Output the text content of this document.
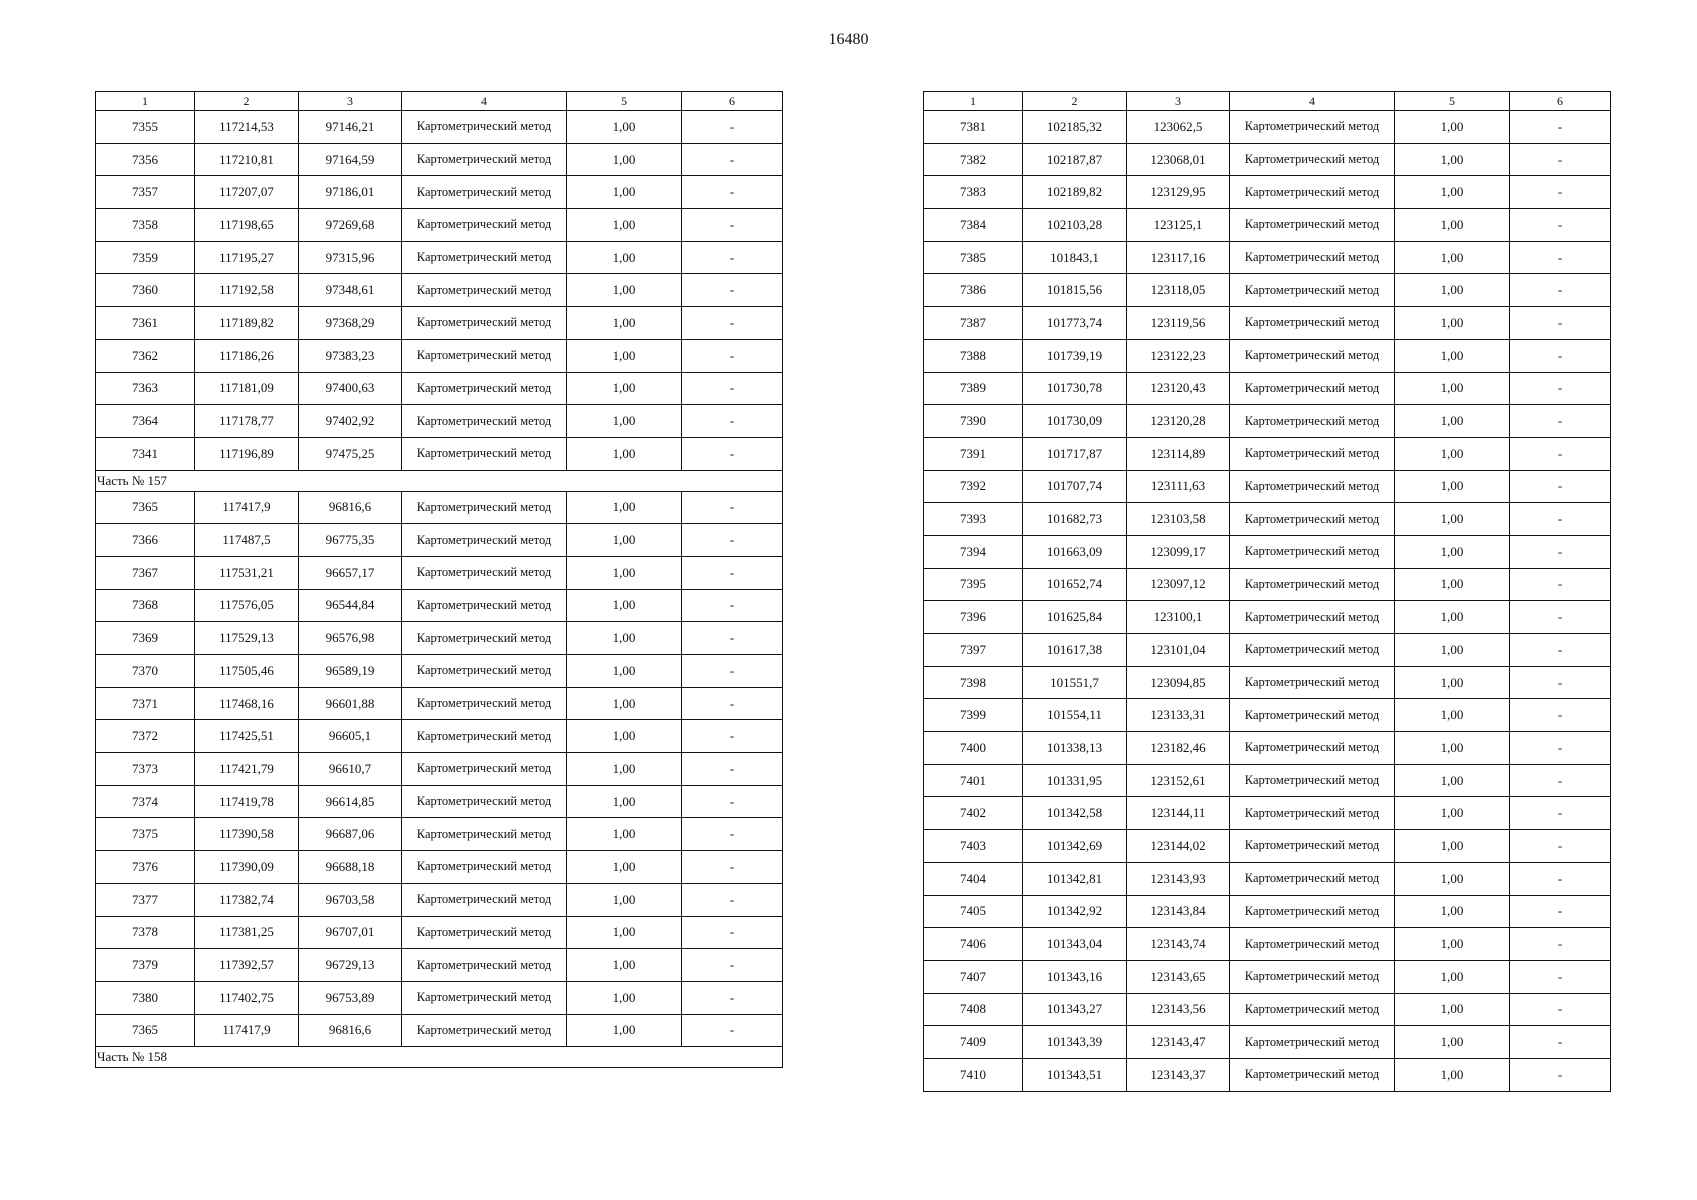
16480
1	2	3	4	5	6
7355	117214,53	97146,21	Картометрический метод	1,00	-
7356	117210,81	97164,59	Картометрический метод	1,00	-
7357	117207,07	97186,01	Картометрический метод	1,00	-
7358	117198,65	97269,68	Картометрический метод	1,00	-
7359	117195,27	97315,96	Картометрический метод	1,00	-
7360	117192,58	97348,61	Картометрический метод	1,00	-
7361	117189,82	97368,29	Картометрический метод	1,00	-
7362	117186,26	97383,23	Картометрический метод	1,00	-
7363	117181,09	97400,63	Картометрический метод	1,00	-
7364	117178,77	97402,92	Картометрический метод	1,00	-
7341	117196,89	97475,25	Картометрический метод	1,00	-
Часть № 157					
7365	117417,9	96816,6	Картометрический метод	1,00	-
7366	117487,5	96775,35	Картометрический метод	1,00	-
7367	117531,21	96657,17	Картометрический метод	1,00	-
7368	117576,05	96544,84	Картометрический метод	1,00	-
7369	117529,13	96576,98	Картометрический метод	1,00	-
7370	117505,46	96589,19	Картометрический метод	1,00	-
7371	117468,16	96601,88	Картометрический метод	1,00	-
7372	117425,51	96605,1	Картометрический метод	1,00	-
7373	117421,79	96610,7	Картометрический метод	1,00	-
7374	117419,78	96614,85	Картометрический метод	1,00	-
7375	117390,58	96687,06	Картометрический метод	1,00	-
7376	117390,09	96688,18	Картометрический метод	1,00	-
7377	117382,74	96703,58	Картометрический метод	1,00	-
7378	117381,25	96707,01	Картометрический метод	1,00	-
7379	117392,57	96729,13	Картометрический метод	1,00	-
7380	117402,75	96753,89	Картометрический метод	1,00	-
7365	117417,9	96816,6	Картометрический метод	1,00	-
Часть № 158					
1	2	3	4	5	6
7381	102185,32	123062,5	Картометрический метод	1,00	-
7382	102187,87	123068,01	Картометрический метод	1,00	-
7383	102189,82	123129,95	Картометрический метод	1,00	-
7384	102103,28	123125,1	Картометрический метод	1,00	-
7385	101843,1	123117,16	Картометрический метод	1,00	-
7386	101815,56	123118,05	Картометрический метод	1,00	-
7387	101773,74	123119,56	Картометрический метод	1,00	-
7388	101739,19	123122,23	Картометрический метод	1,00	-
7389	101730,78	123120,43	Картометрический метод	1,00	-
7390	101730,09	123120,28	Картометрический метод	1,00	-
7391	101717,87	123114,89	Картометрический метод	1,00	-
7392	101707,74	123111,63	Картометрический метод	1,00	-
7393	101682,73	123103,58	Картометрический метод	1,00	-
7394	101663,09	123099,17	Картометрический метод	1,00	-
7395	101652,74	123097,12	Картометрический метод	1,00	-
7396	101625,84	123100,1	Картометрический метод	1,00	-
7397	101617,38	123101,04	Картометрический метод	1,00	-
7398	101551,7	123094,85	Картометрический метод	1,00	-
7399	101554,11	123133,31	Картометрический метод	1,00	-
7400	101338,13	123182,46	Картометрический метод	1,00	-
7401	101331,95	123152,61	Картометрический метод	1,00	-
7402	101342,58	123144,11	Картометрический метод	1,00	-
7403	101342,69	123144,02	Картометрический метод	1,00	-
7404	101342,81	123143,93	Картометрический метод	1,00	-
7405	101342,92	123143,84	Картометрический метод	1,00	-
7406	101343,04	123143,74	Картометрический метод	1,00	-
7407	101343,16	123143,65	Картометрический метод	1,00	-
7408	101343,27	123143,56	Картометрический метод	1,00	-
7409	101343,39	123143,47	Картометрический метод	1,00	-
7410	101343,51	123143,37	Картометрический метод	1,00	-
